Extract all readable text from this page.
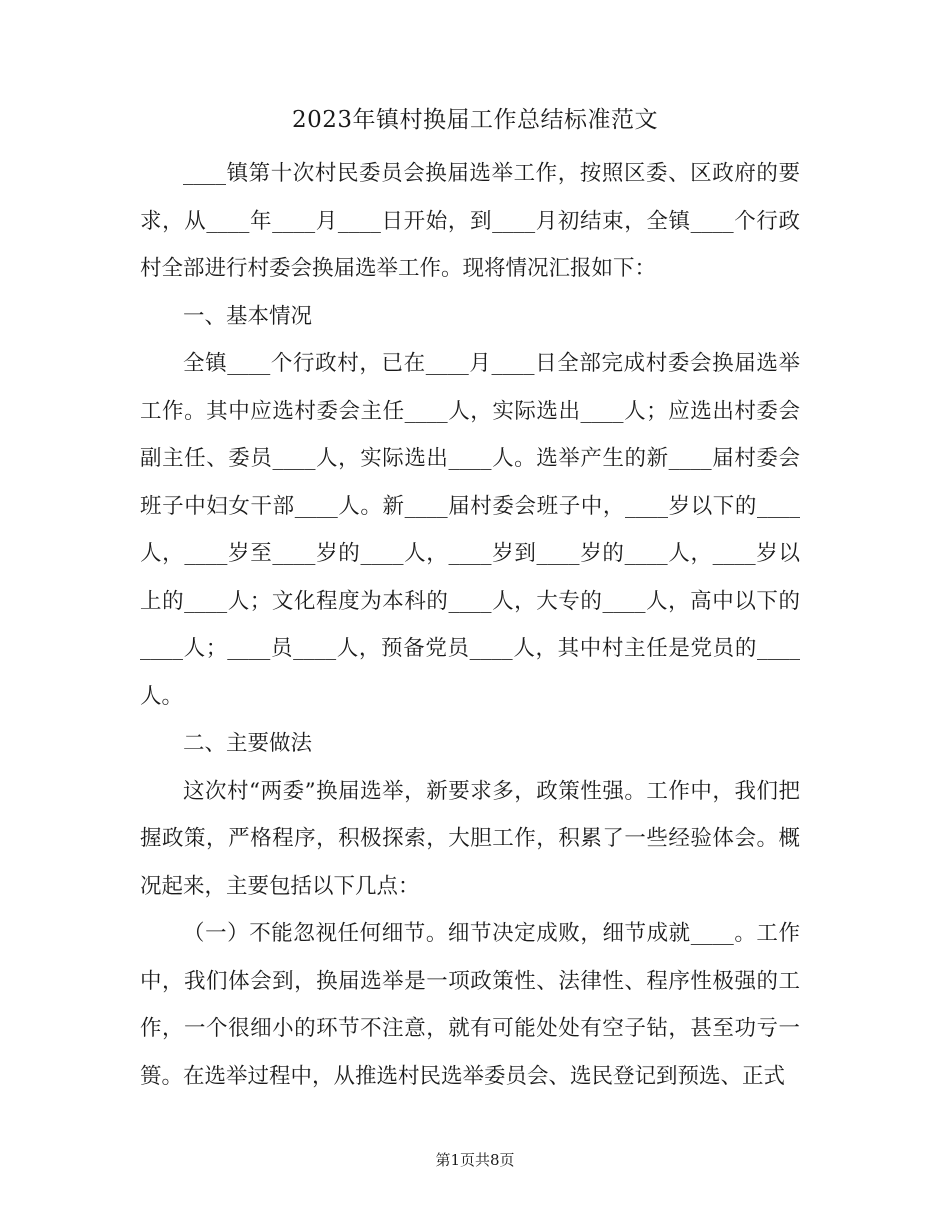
2023年镇村换届工作总结标准范文

____镇第十次村民委员会换届选举工作，按照区委、区政府的要求，从____年____月____日开始，到____月初结束，全镇____个行政村全部进行村委会换届选举工作。现将情况汇报如下：

一、基本情况

全镇____个行政村，已在____月____日全部完成村委会换届选举工作。其中应选村委会主任____人，实际选出____人；应选出村委会副主任、委员____人，实际选出____人。选举产生的新____届村委会班子中妇女干部____人。新____届村委会班子中，____岁以下的____人，____岁至____岁的____人，____岁到____岁的____人，____岁以上的____人；文化程度为本科的____人，大专的____人，高中以下的____人；____员____人，预备党员____人，其中村主任是党员的____人。

二、主要做法

这次村“两委”换届选举，新要求多，政策性强。工作中，我们把握政策，严格程序，积极探索，大胆工作，积累了一些经验体会。概况起来，主要包括以下几点：

（一）不能忽视任何细节。细节决定成败，细节成就____。工作中，我们体会到，换届选举是一项政策性、法律性、程序性极强的工作，一个很细小的环节不注意，就有可能处处有空子钻，甚至功亏一篑。在选举过程中，从推选村民选举委员会、选民登记到预选、正式

第1页共8页
